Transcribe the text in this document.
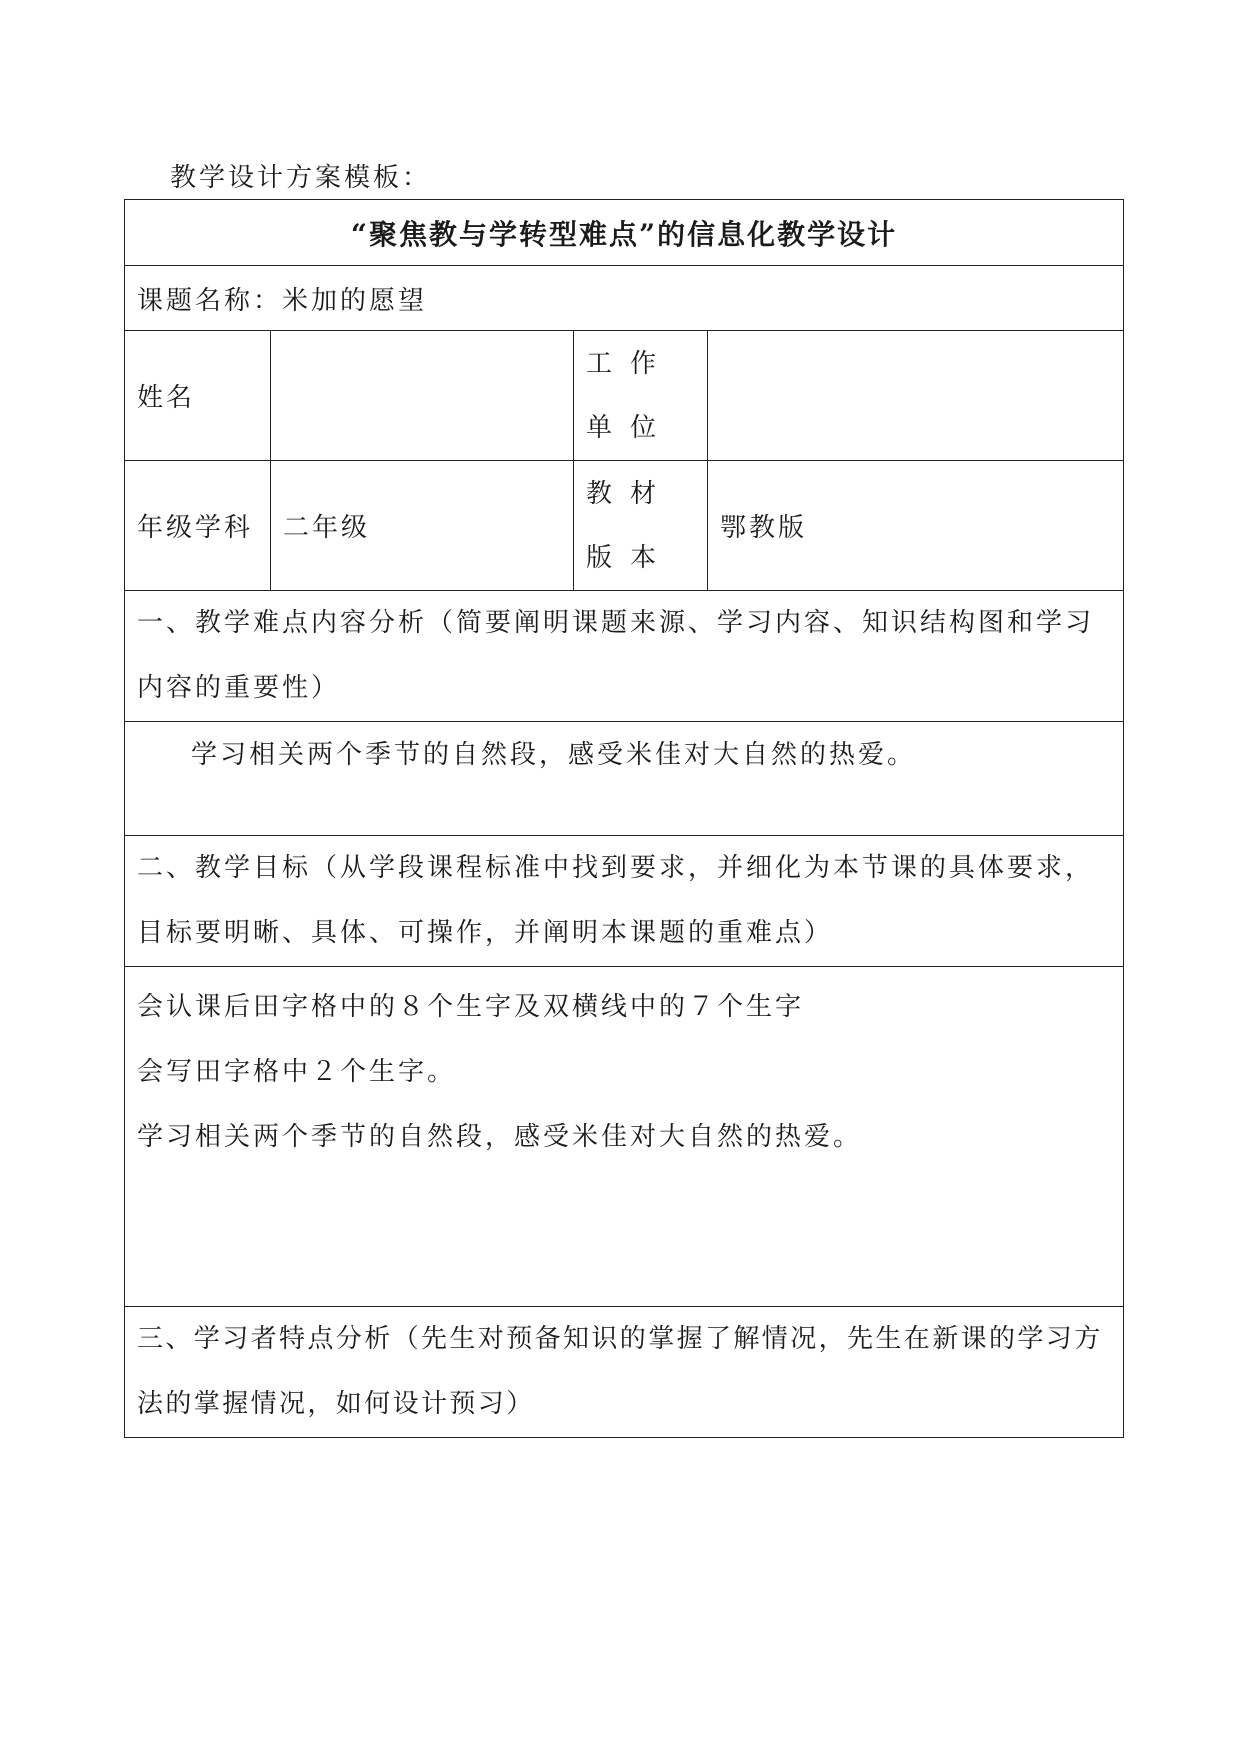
教学设计方案模板：
“聚焦教与学转型难点”的信息化教学设计			
课题名称：米加的愿望			
姓名		工作单位	
年级学科	二年级	教材版本	鄂教版
一、教学难点内容分析（简要阐明课题来源、学习内容、知识结构图和学习内容的重要性）			
学习相关两个季节的自然段，感受米佳对大自然的热爱。			
二、教学目标（从学段课程标准中找到要求，并细化为本节课的具体要求，目标要明晰、具体、可操作，并阐明本课题的重难点）			

会认课后田字格中的８个生字及双横线中的７个生字
会写田字格中２个生字。
学习相关两个季节的自然段，感受米佳对大自然的热爱。			

三、学习者特点分析（先生对预备知识的掌握了解情况，先生在新课的学习方法的掌握情况，如何设计预习）			
